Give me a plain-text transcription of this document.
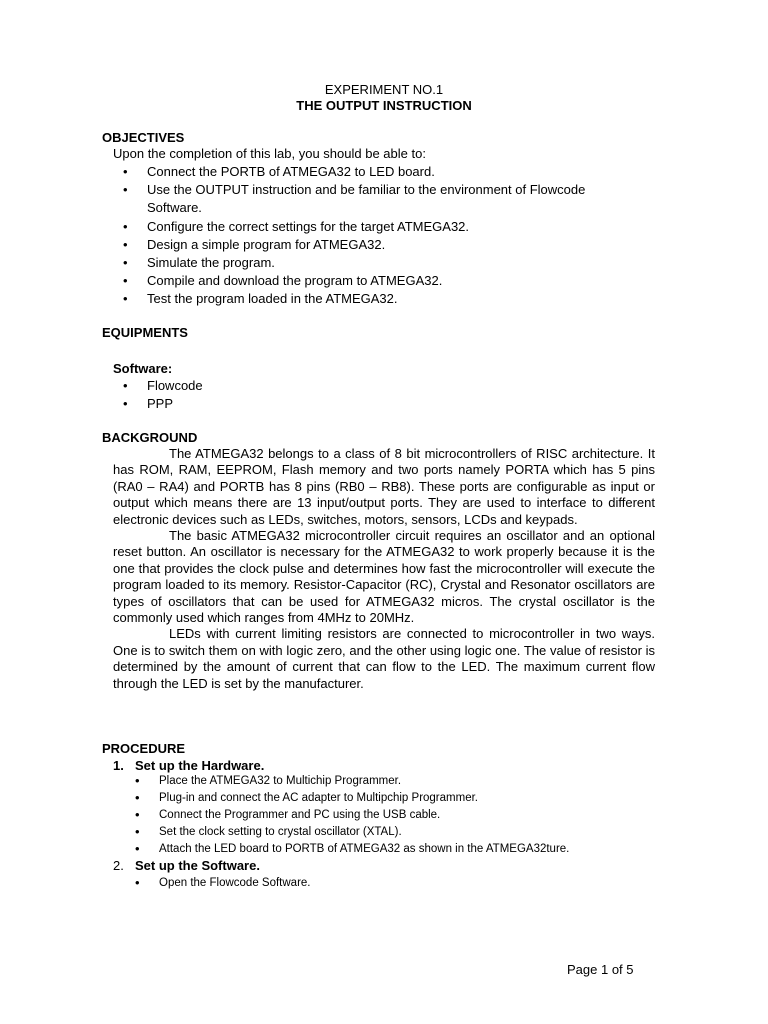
EXPERIMENT NO.1
THE OUTPUT INSTRUCTION
OBJECTIVES
Upon the completion of this lab, you should be able to:
• Connect the PORTB of ATMEGA32 to LED board.
• Use the OUTPUT instruction and be familiar to the environment of Flowcode
Software.
• Configure the correct settings for the target ATMEGA32.
• Design a simple program for ATMEGA32.
• Simulate the program.
• Compile and download the program to ATMEGA32.
• Test the program loaded in the ATMEGA32.
EQUIPMENTS
Software:
• Flowcode
• PPP
BACKGROUND

The ATMEGA32 belongs to a class of 8 bit microcontrollers of RISC architecture. It has ROM, RAM, EEPROM, Flash memory and two ports namely PORTA which has 5 pins (RA0 – RA4) and PORTB has 8 pins (RB0 – RB8). These ports are configurable as input or output which means there are 13 input/output ports. They are used to interface to different electronic devices such as LEDs, switches, motors, sensors, LCDs and keypads.

The basic ATMEGA32 microcontroller circuit requires an oscillator and an optional reset button. An oscillator is necessary for the ATMEGA32 to work properly because it is the one that provides the clock pulse and determines how fast the microcontroller will execute the program loaded to its memory. Resistor-Capacitor (RC), Crystal and Resonator oscillators are types of oscillators that can be used for ATMEGA32 micros. The crystal oscillator is the commonly used which ranges from 4MHz to 20MHz.

LEDs with current limiting resistors are connected to microcontroller in two ways. One is to switch them on with logic zero, and the other using logic one. The value of resistor is determined by the amount of current that can flow to the LED. The maximum current flow through the LED is set by the manufacturer.

PROCEDURE
1. Set up the Hardware.
• Place the ATMEGA32 to Multichip Programmer.
• Plug-in and connect the AC adapter to Multipchip Programmer.
• Connect the Programmer and PC using the USB cable.
• Set the clock setting to crystal oscillator (XTAL).
• Attach the LED board to PORTB of ATMEGA32 as shown in the ATMEGA32ture.
2. Set up the Software.
• Open the Flowcode Software.
Page 1 of 5
